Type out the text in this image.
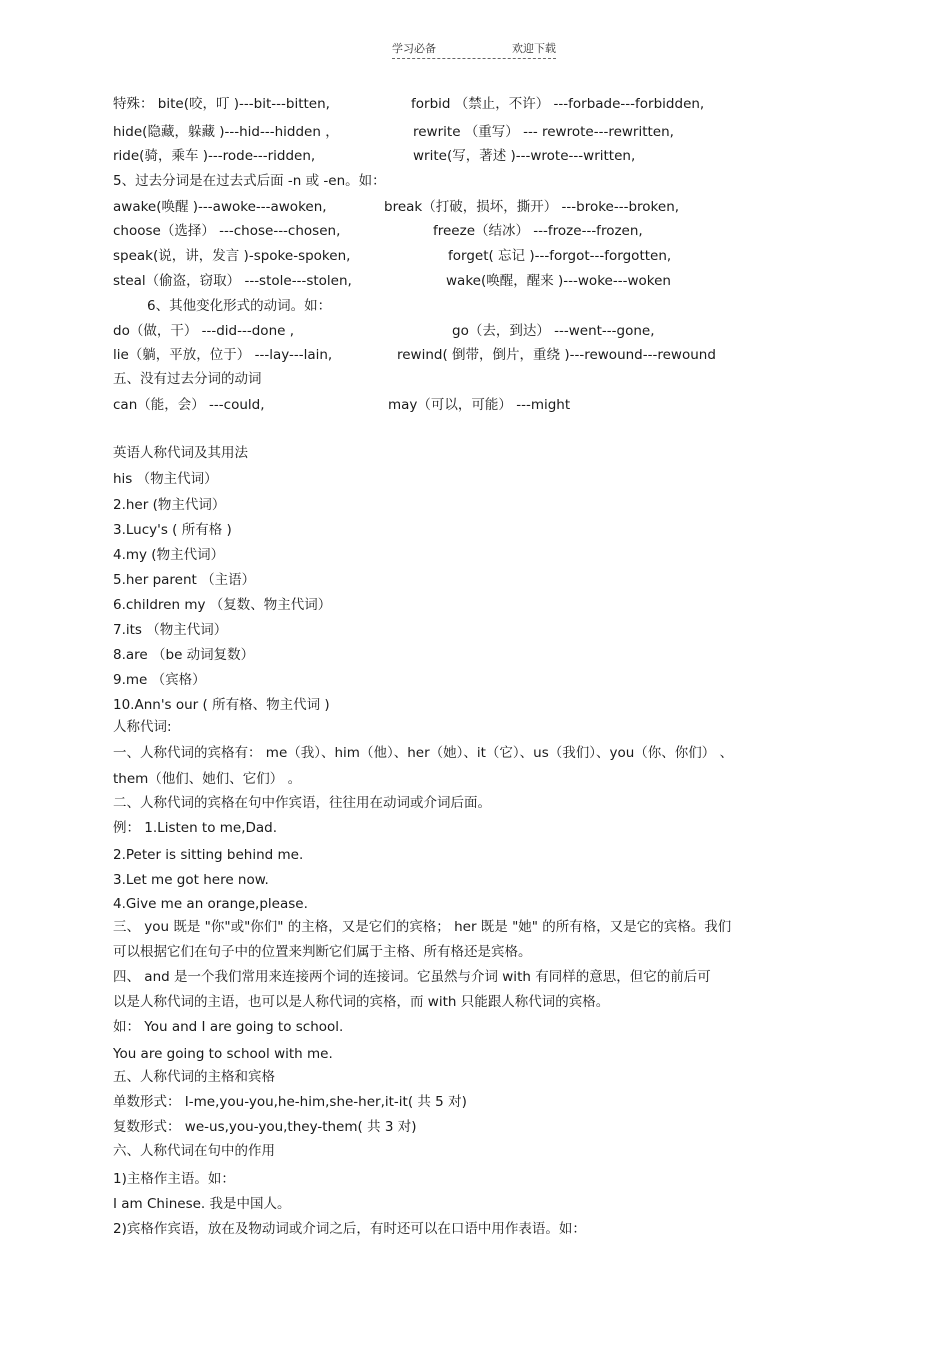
学习必备	欢迎下载
特殊： bite(咬，叮 )---bit---bitten,	forbid （禁止，不许） ---forbade---forbidden,
hide(隐藏，躲藏 )---hid---hidden ，	rewrite （重写） --- rewrote---rewritten,
ride(骑，乘车 )---rode---ridden,	write(写，著述 )---wrote---written,
5、过去分词是在过去式后面 -n 或 -en。如：
awake(唤醒 )---awoke---awoken,	break（打破，损坏，撕开） ---broke---broken,
choose（选择） ---chose---chosen,	freeze（结冰） ---froze---frozen,
speak(说，讲，发言 )-spoke-spoken,	forget( 忘记 )---forgot---forgotten,
steal（偷盗，窃取） ---stole---stolen,	wake(唤醒，醒来 )---woke---woken
6、其他变化形式的动词。如：
do（做，干） ---did---done ,	go（去，到达） ---went---gone,
lie（躺，平放，位于） ---lay---lain,	rewind( 倒带，倒片，重绕 )---rewound---rewound
五、没有过去分词的动词
can（能，会） ---could,	may（可以，可能） ---might
英语人称代词及其用法
his （物主代词）
2.her (物主代词）
3.Lucy's ( 所有格 )
4.my (物主代词）
5.her parent （主语）
6.children my （复数、物主代词）
7.its （物主代词）
8.are （be 动词复数）
9.me （宾格）
10.Ann's our ( 所有格、物主代词 )
人称代词:
一、人称代词的宾格有： me（我）、him（他）、her（她）、it（它）、us（我们）、you（你、你们） 、
them（他们、她们、它们） 。
二、人称代词的宾格在句中作宾语，往往用在动词或介词后面。
例： 1.Listen to me,Dad.
2.Peter is sitting behind me.
3.Let me got here now.
4.Give me an orange,please.
三、 you 既是 "你"或"你们" 的主格，又是它们的宾格； her 既是 "她" 的所有格，又是它的宾格。我们
可以根据它们在句子中的位置来判断它们属于主格、所有格还是宾格。
四、 and 是一个我们常用来连接两个词的连接词。它虽然与介词 with 有同样的意思，但它的前后可
以是人称代词的主语，也可以是人称代词的宾格，而 with 只能跟人称代词的宾格。
如： You and I are going to school.
You are going to school with me.
五、人称代词的主格和宾格
单数形式： I-me,you-you,he-him,she-her,it-it( 共 5 对)
复数形式： we-us,you-you,they-them( 共 3 对)
六、人称代词在句中的作用
1)主格作主语。如：
I am Chinese. 我是中国人。
2)宾格作宾语，放在及物动词或介词之后，有时还可以在口语中用作表语。如：
